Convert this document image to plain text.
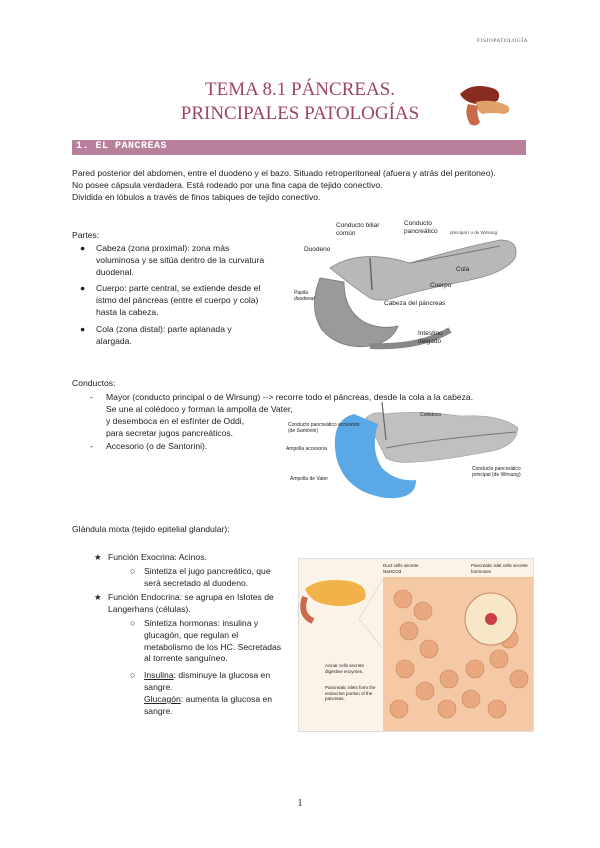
FISIOPATOLOGÍA
TEMA 8.1 PÁNCREAS.
PRINCIPALES PATOLOGÍAS
1. EL PANCREAS
Pared posterior del abdomen, entre el duodeno y el bazo. Situado retroperitoneal (afuera y atrás del peritoneo).
No posee cápsula verdadera. Está rodeado por una fina capa de tejido conectivo.
Dividida en lóbulos a través de finos tabiques de tejido conectivo.
Partes:
● Cabeza (zona proximal): zona más voluminosa y se sitúa dentro de la curvatura duodenal.
● Cuerpo: parte central, se extiende desde el istmo del páncreas (entre el cuerpo y cola) hasta la cabeza.
● Cola (zona distal): parte aplanada y alargada.
Conducto biliar común
Conducto pancreático	principal / o de Wirsung
Duodeno
Cola
Cuerpo
Papila duodenal
Cabeza del páncreas
Intestino delgado
Conductos:
- Mayor (conducto principal o de Wirsung) --> recorre todo el páncreas, desde la cola a la cabeza.
Se une al colédoco y forman la ampolla de Vater,
y desemboca en el esfínter de Oddi,
para secretar jugos pancreáticos.
- Accesorio (o de Santorini).
Colédoco
Conducto pancreático accesorio (de Santorini)
Ampolla accesoria
Ampolla de Vater
Conducto pancreático principal (de Wirsung)
Glándula mixta (tejido epitelial glandular):
★ Función Exocrina: Acinos.
○ Sintetiza el jugo pancreático, que será secretado al duodeno.
★ Función Endocrina: se agrupa en Islotes de Langerhans (células).
○ Sintetiza hormonas: insulina y glucagón, que regulan el metabolismo de los HC. Secretadas al torrente sanguíneo.
○ Insulina: disminuye la glucosa en sangre.
Glucagón: aumenta la glucosa en sangre.
Duct cells secrete NaHCO3
Pancreatic islet cells secrete hormones
Acinar cells secrete digestive enzymes.
Pancreatic islets form the endocrine portion of the pancreas.
1
